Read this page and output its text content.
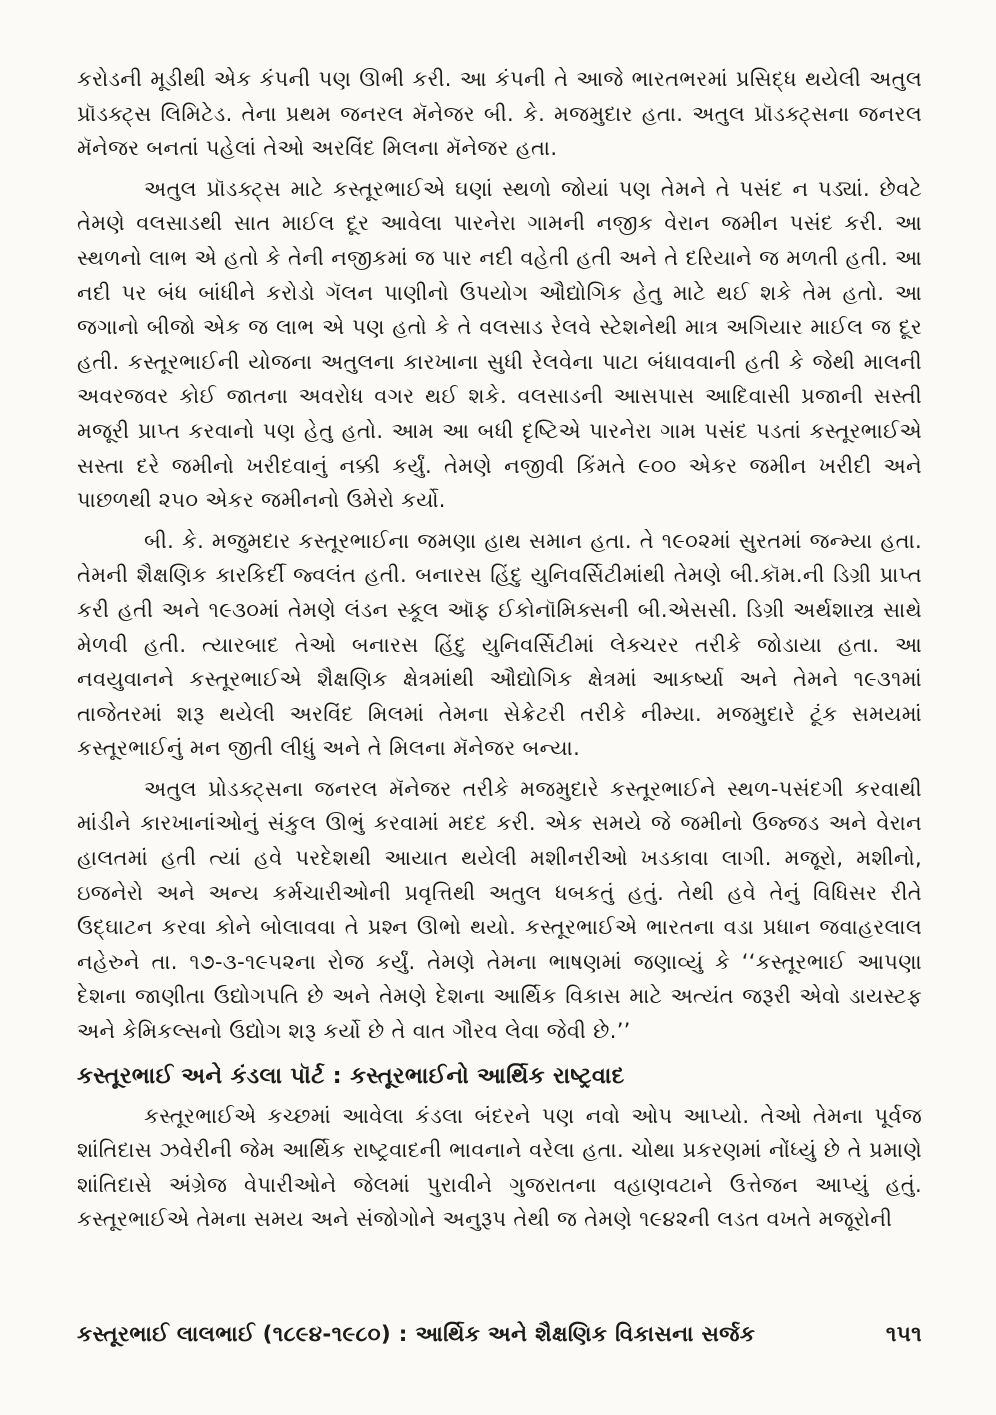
કરોડની મૂડીથી એક કંપની પણ ઊભી કરી. આ કંપની તે આજે ભારતભરમાં પ્રસિદ્ધ થયેલી અતુલ પ્રૉડક્ટ્સ લિમિટેડ. તેના પ્રથમ જનરલ મૅનેજર બી. કે. મજમુદાર હતા. અતુલ પ્રૉડક્ટ્સના જનરલ મૅનેજર બનતાં પહેલાં તેઓ અરવિંદ મિલના મૅનેજર હતા.

અતુલ પ્રૉડક્ટ્સ માટે કસ્તૂરભાઈએ ઘણાં સ્થળો જોયાં પણ તેમને તે પસંદ ન પડ્યાં. છેવટે તેમણે વલસાડથી સાત માઈલ દૂર આવેલા પારનેરા ગામની નજીક વેરાન જમીન પસંદ કરી. આ સ્થળનો લાભ એ હતો કે તેની નજીકમાં જ પાર નદી વહેતી હતી અને તે દરિયાને જ મળતી હતી. આ નદી પર બંધ બાંધીને કરોડો ગૅલન પાણીનો ઉપયોગ ઔદ્યોગિક હેતુ માટે થઈ શકે તેમ હતો. આ જગાનો બીજો એક જ લાભ એ પણ હતો કે તે વલસાડ રેલવે સ્ટેશનેથી માત્ર અગિયાર માઈલ જ દૂર હતી. કસ્તૂરભાઈની યોજના અતુલના કારખાના સુધી રેલવેના પાટા બંધાવવાની હતી કે જેથી માલની અવરજવર કોઈ જાતના અવરોધ વગર થઈ શકે. વલસાડની આસપાસ આદિવાસી પ્રજાની સસ્તી મજૂરી પ્રાપ્ત કરવાનો પણ હેતુ હતો. આમ આ બધી દૃષ્ટિએ પારનેરા ગામ પસંદ પડતાં કસ્તૂરભાઈએ સસ્તા દરે જમીનો ખરીદવાનું નક્કી કર્યું. તેમણે નજીવી કિંમતે ૯૦૦ એકર જમીન ખરીદી અને પાછળથી ૨૫૦ એકર જમીનનો ઉમેરો કર્યો.

બી. કે. મજુમદાર કસ્તૂરભાઈના જમણા હાથ સમાન હતા. તે ૧૯૦૨માં સુરતમાં જન્મ્યા હતા. તેમની શૈક્ષણિક કારકિર્દી જ્વલંત હતી. બનારસ હિંદુ યુનિવર્સિટીમાંથી તેમણે બી.કૉમ.ની ડિગ્રી પ્રાપ્ત કરી હતી અને ૧૯૩૦માં તેમણે લંડન સ્કૂલ ઑફ ઈકોનૉમિક્સની બી.એસસી. ડિગ્રી અર્થશાસ્ત્ર સાથે મેળવી હતી. ત્યારબાદ તેઓ બનારસ હિંદુ યુનિવર્સિટીમાં લેક્ચરર તરીકે જોડાયા હતા. આ નવયુવાનને કસ્તૂરભાઈએ શૈક્ષણિક ક્ષેત્રમાંથી ઔદ્યોગિક ક્ષેત્રમાં આકર્ષ્યા અને તેમને ૧૯૩૧માં તાજેતરમાં શરૂ થયેલી અરવિંદ મિલમાં તેમના સેક્રેટરી તરીકે નીમ્યા. મજમુદારે ટૂંક સમયમાં કસ્તૂરભાઈનું મન જીતી લીધું અને તે મિલના મૅનેજર બન્યા.

અતુલ પ્રોડક્ટ્સના જનરલ મૅનેજર તરીકે મજમુદારે કસ્તૂરભાઈને સ્થળ-પસંદગી કરવાથી માંડીને કારખાનાંઓનું સંકુલ ઊભું કરવામાં મદદ કરી. એક સમયે જે જમીનો ઉજ્જડ અને વેરાન હાલતમાં હતી ત્યાં હવે પરદેશથી આયાત થયેલી મશીનરીઓ ખડકાવા લાગી. મજૂરો, મશીનો, ઇજનેરો અને અન્ય કર્મચારીઓની પ્રવૃત્તિથી અતુલ ધબકતું હતું. તેથી હવે તેનું વિધિસર રીતે ઉદ્ઘાટન કરવા કોને બોલાવવા તે પ્રશ્ન ઊભો થયો. કસ્તૂરભાઈએ ભારતના વડા પ્રધાન જવાહરલાલ નહેરુને તા. ૧૭-૩-૧૯૫૨ના રોજ કર્યું. તેમણે તેમના ભાષણમાં જણાવ્યું કે ‘‘કસ્તૂરભાઈ આપણા દેશના જાણીતા ઉદ્યોગપતિ છે અને તેમણે દેશના આર્થિક વિકાસ માટે અત્યંત જરૂરી એવો ડાયસ્ટફ અને કેમિકલ્સનો ઉદ્યોગ શરૂ કર્યો છે તે વાત ગૌરવ લેવા જેવી છે.’’

કસ્તૂરભાઈ અને કંડલા પૉર્ટ : કસ્તૂરભાઈનો આર્થિક રાષ્ટ્રવાદ

કસ્તૂરભાઈએ કચ્છમાં આવેલા કંડલા બંદરને પણ નવો ઓપ આપ્યો. તેઓ તેમના પૂર્વજ શાંતિદાસ ઝવેરીની જેમ આર્થિક રાષ્ટ્રવાદની ભાવનાને વરેલા હતા. ચોથા પ્રકરણમાં નોંધ્યું છે તે પ્રમાણે શાંતિદાસે અંગ્રેજ વેપારીઓને જેલમાં પુરાવીને ગુજરાતના વહાણવટાને ઉત્તેજન આપ્યું હતું. કસ્તૂરભાઈએ તેમના સમય અને સંજોગોને અનુરૂપ તેથી જ તેમણે ૧૯૪૨ની લડત વખતે મજૂરોની

કસ્તૂરભાઈ લાલભાઈ (૧૮૯૪-૧૯૮૦) : આર્થિક અને શૈક્ષણિક વિકાસના સર્જક	૧૫૧
